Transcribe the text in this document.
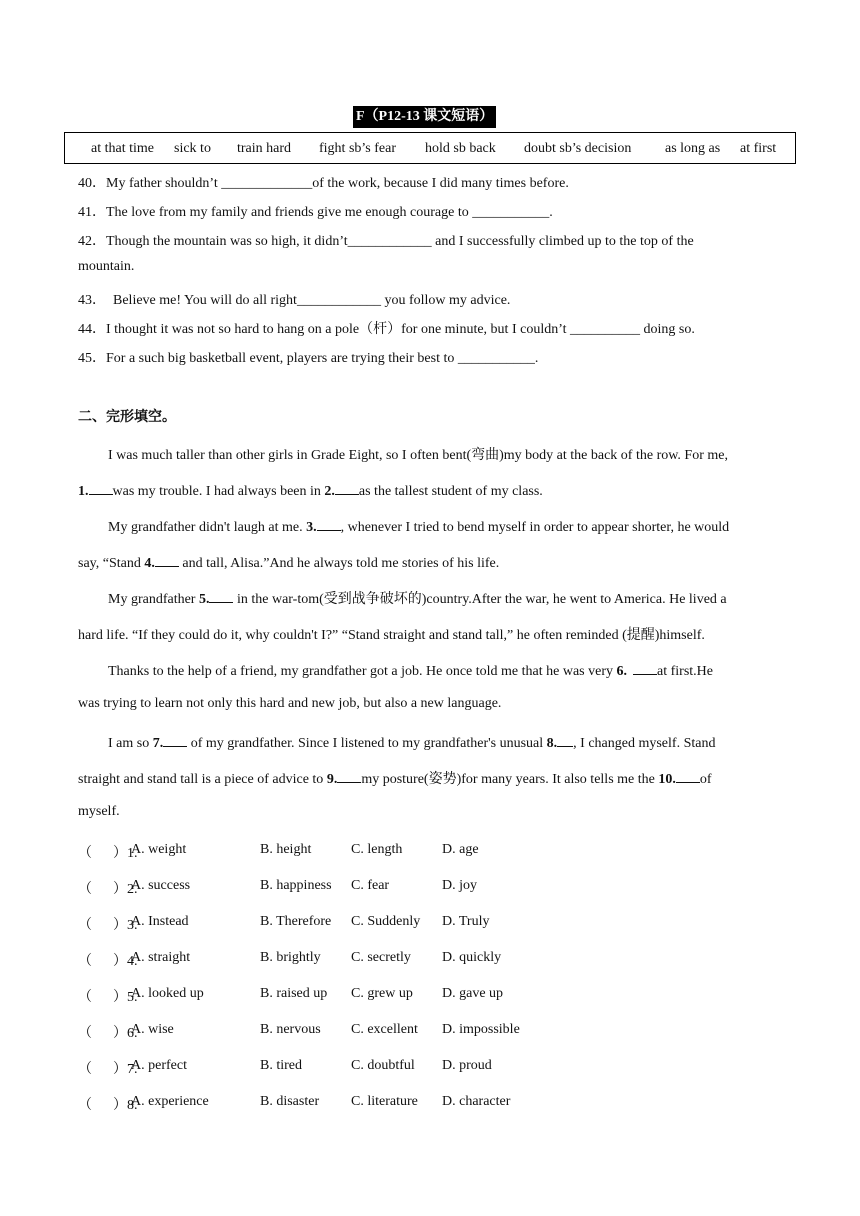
F（P12-13 课文短语）
at that time sick to train hard fight sb’s fear hold sb back doubt sb’s decision as long as at first
40．My father shouldn’t _____________of the work, because I did many times before.
41．The love from my family and friends give me enough courage to ___________.
42．Though the mountain was so high, it didn’t____________ and I successfully climbed up to the top of the
mountain.
43．  Believe me! You will do all right____________ you follow my advice.
44．I thought it was not so hard to hang on a pole（杆）for one minute, but I couldn’t __________ doing so.
45．For a such big basketball event, players are trying their best to ___________.
二、完形填空。
I was much taller than other girls in Grade Eight, so I often bent(弯曲)my body at the back of the row. For me,
1. was my trouble. I had always been in 2. as the tallest student of my class.
My grandfather didn't laugh at me. 3. , whenever I tried to bend myself in order to appear shorter, he would
say, “Stand 4. and tall, Alisa.”And he always told me stories of his life.
My grandfather 5. in the war-tom(受到战争破坏的)country.After the war, he went to America. He lived a
hard life. “If they could do it, why couldn't I?” “Stand straight and stand tall,” he often reminded (提醒)himself.
Thanks to the help of a friend, my grandfather got a job. He once told me that he was very 6. at first.He
was trying to learn not only this hard and new job, but also a new language.
I am so 7. of my grandfather. Since I listened to my grandfather's unusual 8. , I changed myself. Stand
straight and stand tall is a piece of advice to 9. my posture(姿势)for many years. It also tells me the 10. of
myself.
（      ）1.
A. weight	B. height	C. length	D. age
（      ）2.
A. success	B. happiness C. fear	D. joy
（      ）3.
A. Instead	B. Therefore C. Suddenly D. Truly
（      ）4.
A. straight	B. brightly C. secretly D. quickly
（      ）5.
A. looked up	B. raised up C. grew up D. gave up
（      ）6.
A. wise	B. nervous C. excellent D. impossible
（      ）7.
A. perfect	B. tired	C. doubtful D. proud
（      ）8.
A. experience	B. disaster C. literature D. character
